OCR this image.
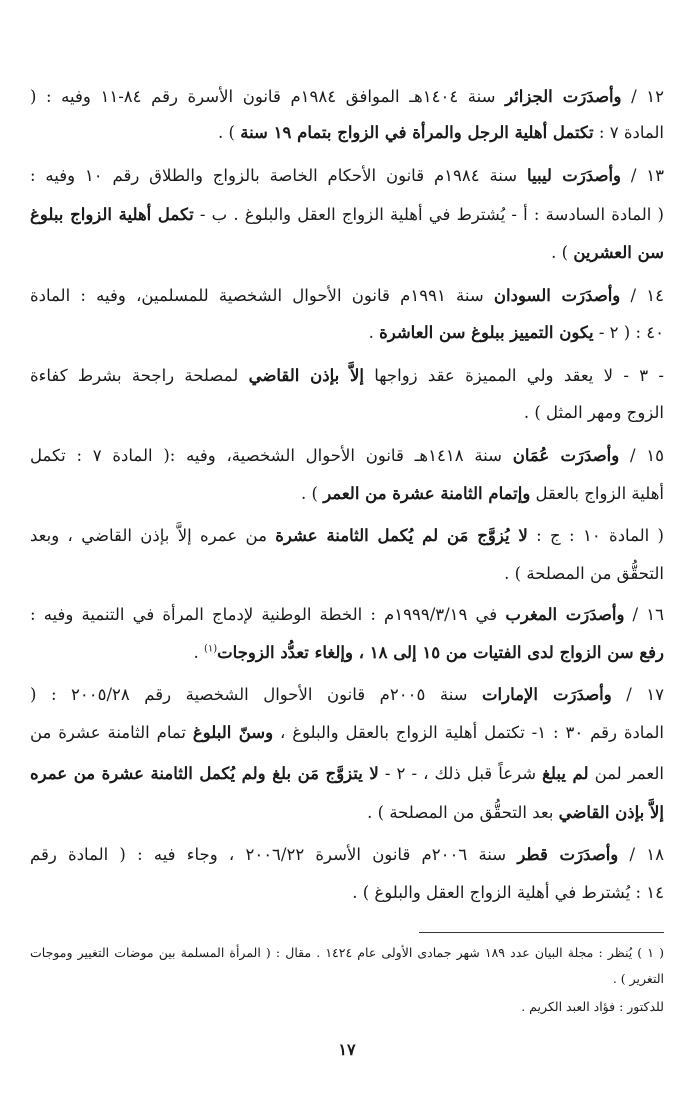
١٢ / وأصدَرَت الجزائر سنة ١٤٠٤هـ الموافق ١٩٨٤م قانون الأسرة رقم ٨٤-١١ وفيه : (
المادة ٧ : تكتمل أهلية الرجل والمرأة في الزواج بتمام ١٩ سنة ) .
١٣ / وأصدَرَت ليبيا سنة ١٩٨٤م قانون الأحكام الخاصة بالزواج والطلاق رقم ١٠ وفيه :
( المادة السادسة : أ - يُشترط في أهلية الزواج العقل والبلوغ . ب - تكمل أهلية الزواج ببلوغ
سن العشرين ) .
١٤ / وأصدَرَت السودان سنة ١٩٩١م قانون الأحوال الشخصية للمسلمين، وفيه : المادة
٤٠ : ( ٢ - يكون التمييز ببلوغ سن العاشرة .
- ٣ - لا يعقد ولي المميزة عقد زواجها إلاَّ بإذن القاضي لمصلحة راجحة بشرط كفاءة
الزوج ومهر المثل ) .
١٥ / وأصدَرَت عُمَان سنة ١٤١٨هـ قانون الأحوال الشخصية، وفيه :( المادة ٧ : تكمل
أهلية الزواج بالعقل وإتمام الثامنة عشرة من العمر ) .
( المادة ١٠ : ج : لا يُزوَّج مَن لم يُكمل الثامنة عشرة من عمره إلاَّ بإذن القاضي ، وبعد
التحقُّق من المصلحة ) .
١٦ / وأصدَرَت المغرب في ١٩٩٩/٣/١٩م : الخطة الوطنية لإدماج المرأة في التنمية وفيه :
رفع سن الزواج لدى الفتيات من ١٥ إلى ١٨ ، وإلغاء تعدُّد الزوجات$^{(١)}$ .
١٧ / وأصدَرَت الإمارات سنة ٢٠٠٥م قانون الأحوال الشخصية رقم ٢٠٠٥/٢٨ : (
المادة رقم ٣٠ : ١- تكتمل أهلية الزواج بالعقل والبلوغ ، وسنّ البلوغ تمام الثامنة عشرة من
العمر لمن لم يبلغ شرعاً قبل ذلك ، - ٢ - لا يتزوَّج مَن بلغ ولم يُكمل الثامنة عشرة من عمره
إلاَّ بإذن القاضي بعد التحقُّق من المصلحة ) .
١٨ / وأصدَرَت قطر سنة ٢٠٠٦م قانون الأسرة ٢٠٠٦/٢٢ ، وجاء فيه : ( المادة رقم
١٤ : يُشترط في أهلية الزواج العقل والبلوغ ) .
( ١ ) يُنظر : مجلة البيان عدد ١٨٩ شهر جمادى الأولى عام ١٤٢٤ . مقال : ( المرأة المسلمة بين موضات التغيير وموجات
التغرير ) .
للدكتور : فؤاد العبد الكريم .
١٧
